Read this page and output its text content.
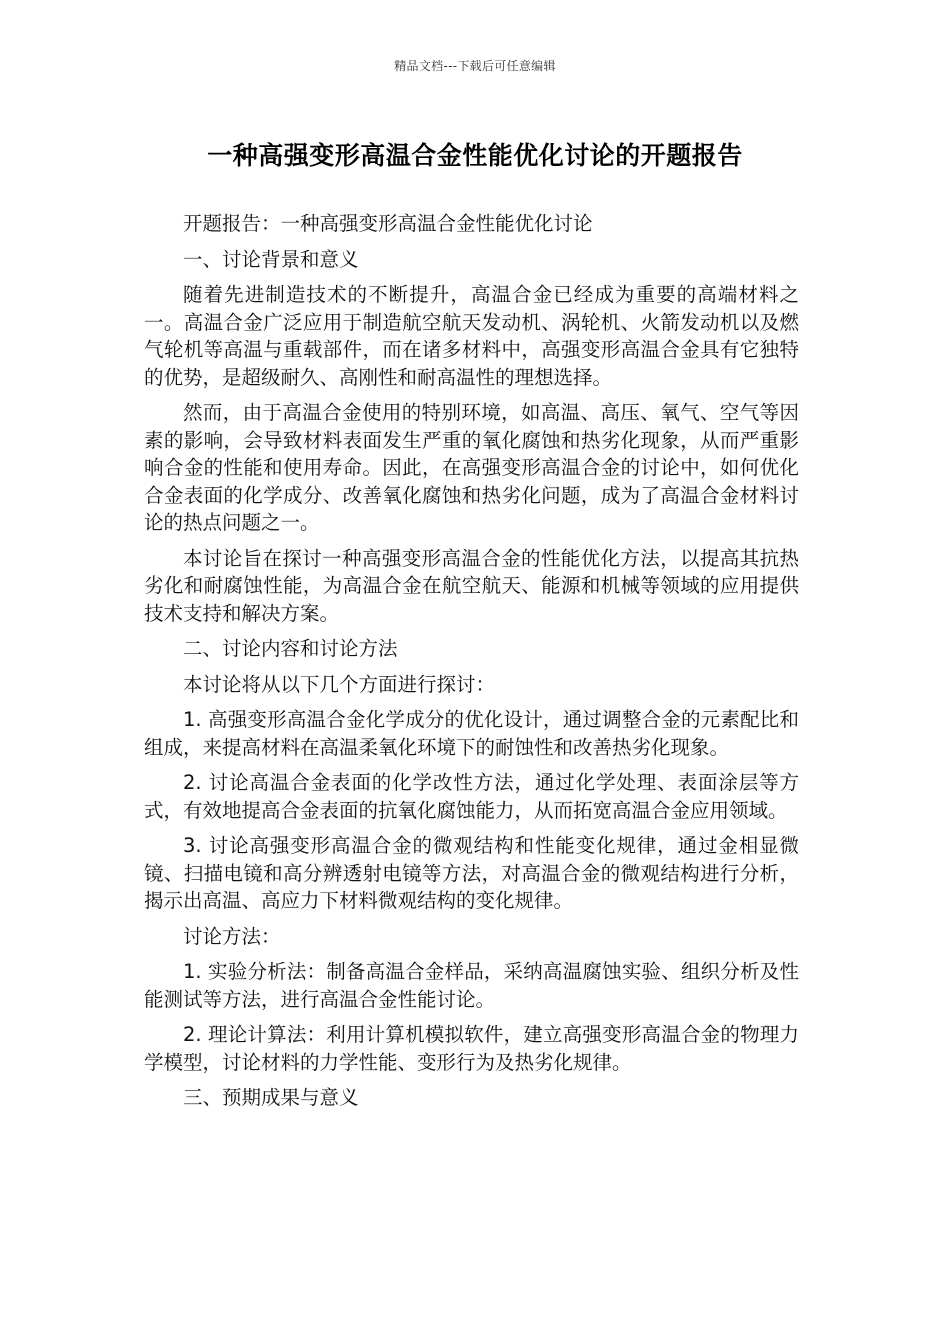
精品文档---下载后可任意编辑
一种高强变形高温合金性能优化讨论的开题报告

开题报告：一种高强变形高温合金性能优化讨论

一、讨论背景和意义

随着先进制造技术的不断提升，高温合金已经成为重要的高端材料之一。高温合金广泛应用于制造航空航天发动机、涡轮机、火箭发动机以及燃气轮机等高温与重载部件，而在诸多材料中，高强变形高温合金具有它独特的优势，是超级耐久、高刚性和耐高温性的理想选择。

然而，由于高温合金使用的特别环境，如高温、高压、氧气、空气等因素的影响，会导致材料表面发生严重的氧化腐蚀和热劣化现象，从而严重影响合金的性能和使用寿命。因此，在高强变形高温合金的讨论中，如何优化合金表面的化学成分、改善氧化腐蚀和热劣化问题，成为了高温合金材料讨论的热点问题之一。

本讨论旨在探讨一种高强变形高温合金的性能优化方法，以提高其抗热劣化和耐腐蚀性能，为高温合金在航空航天、能源和机械等领域的应用提供技术支持和解决方案。

二、讨论内容和讨论方法

本讨论将从以下几个方面进行探讨：

1. 高强变形高温合金化学成分的优化设计，通过调整合金的元素配比和组成，来提高材料在高温柔氧化环境下的耐蚀性和改善热劣化现象。

2. 讨论高温合金表面的化学改性方法，通过化学处理、表面涂层等方式，有效地提高合金表面的抗氧化腐蚀能力，从而拓宽高温合金应用领域。

3. 讨论高强变形高温合金的微观结构和性能变化规律，通过金相显微镜、扫描电镜和高分辨透射电镜等方法，对高温合金的微观结构进行分析，揭示出高温、高应力下材料微观结构的变化规律。

讨论方法：

1. 实验分析法：制备高温合金样品，采纳高温腐蚀实验、组织分析及性能测试等方法，进行高温合金性能讨论。

2. 理论计算法：利用计算机模拟软件，建立高强变形高温合金的物理力学模型，讨论材料的力学性能、变形行为及热劣化规律。

三、预期成果与意义
